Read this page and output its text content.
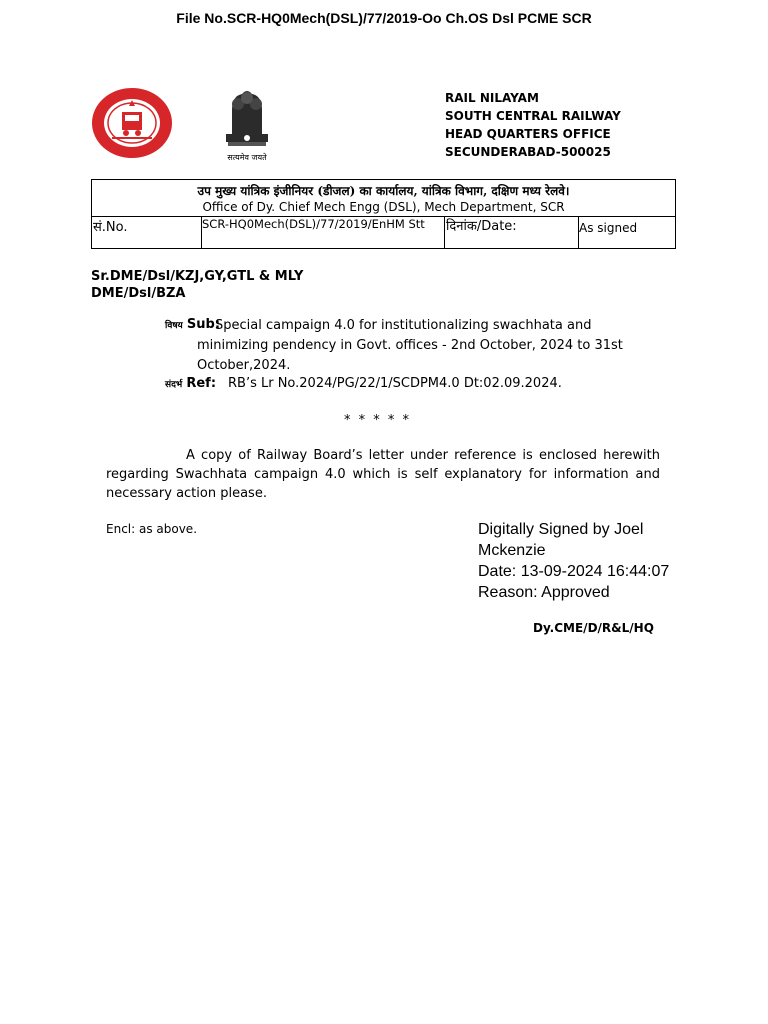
File No.SCR-HQ0Mech(DSL)/77/2019-Oo Ch.OS Dsl PCME SCR
सत्यमेव जयते
RAIL NILAYAM
SOUTH CENTRAL RAILWAY
HEAD QUARTERS OFFICE
SECUNDERABAD-500025
उप मुख्य यांत्रिक इंजीनियर (डीजल) का कार्यालय, यांत्रिक विभाग, दक्षिण मध्य रेलवे।
Office of Dy. Chief Mech Engg (DSL), Mech Department, SCR
सं.No.	SCR-HQ0Mech(DSL)/77/2019/EnHM Stt	दिनांक/Date:	As signed
Sr.DME/Dsl/KZJ,GY,GTL & MLY
DME/Dsl/BZA
विषय Sub:
Special campaign 4.0 for institutionalizing swachhata and minimizing pendency in Govt. offices - 2nd October, 2024 to 31st October,2024.
संदर्भ Ref: RB’s Lr No.2024/PG/22/1/SCDPM4.0 Dt:02.09.2024.
* * * * *
A copy of Railway Board’s letter under reference is enclosed herewith regarding Swachhata campaign 4.0 which is self explanatory for information and necessary action please.
Encl: as above.	Digitally Signed by Joel
Mckenzie
Date: 13-09-2024 16:44:07
Reason: Approved
Dy.CME/D/R&L/HQ
